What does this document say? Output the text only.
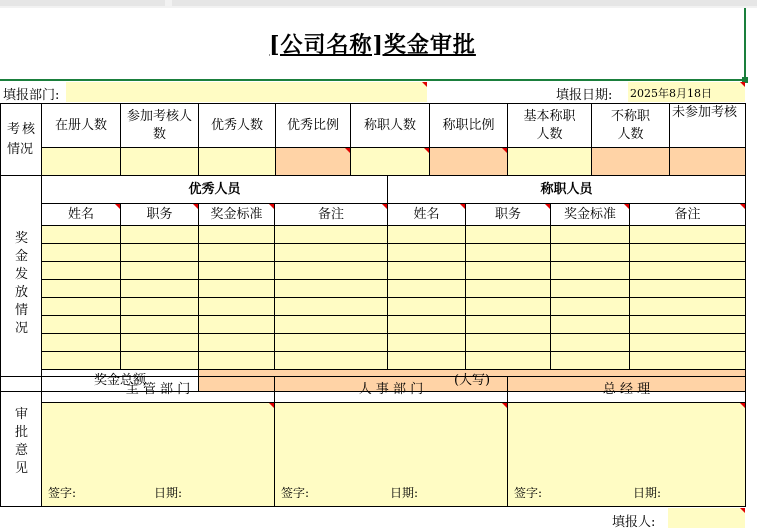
[公司名称]奖金审批
填报部门:	填报日期: 2025年8月18日
考核情况	在册人数	参加考核人数	优秀人数	优秀比例	称职人数	称职比例	基本称职人数	不称职人数	未参加考核

奖金发放情况	优秀人员				称职人员			
	姓名	职务	奖金标准	备注	姓名	职务	奖金标准	备注

	奖金总额		(大写)					
审批意见	主 管 部 门	人 事 部 门	总 经 理

	签字: 日期:	签字: 日期:	签字: 日期:
填报人:
